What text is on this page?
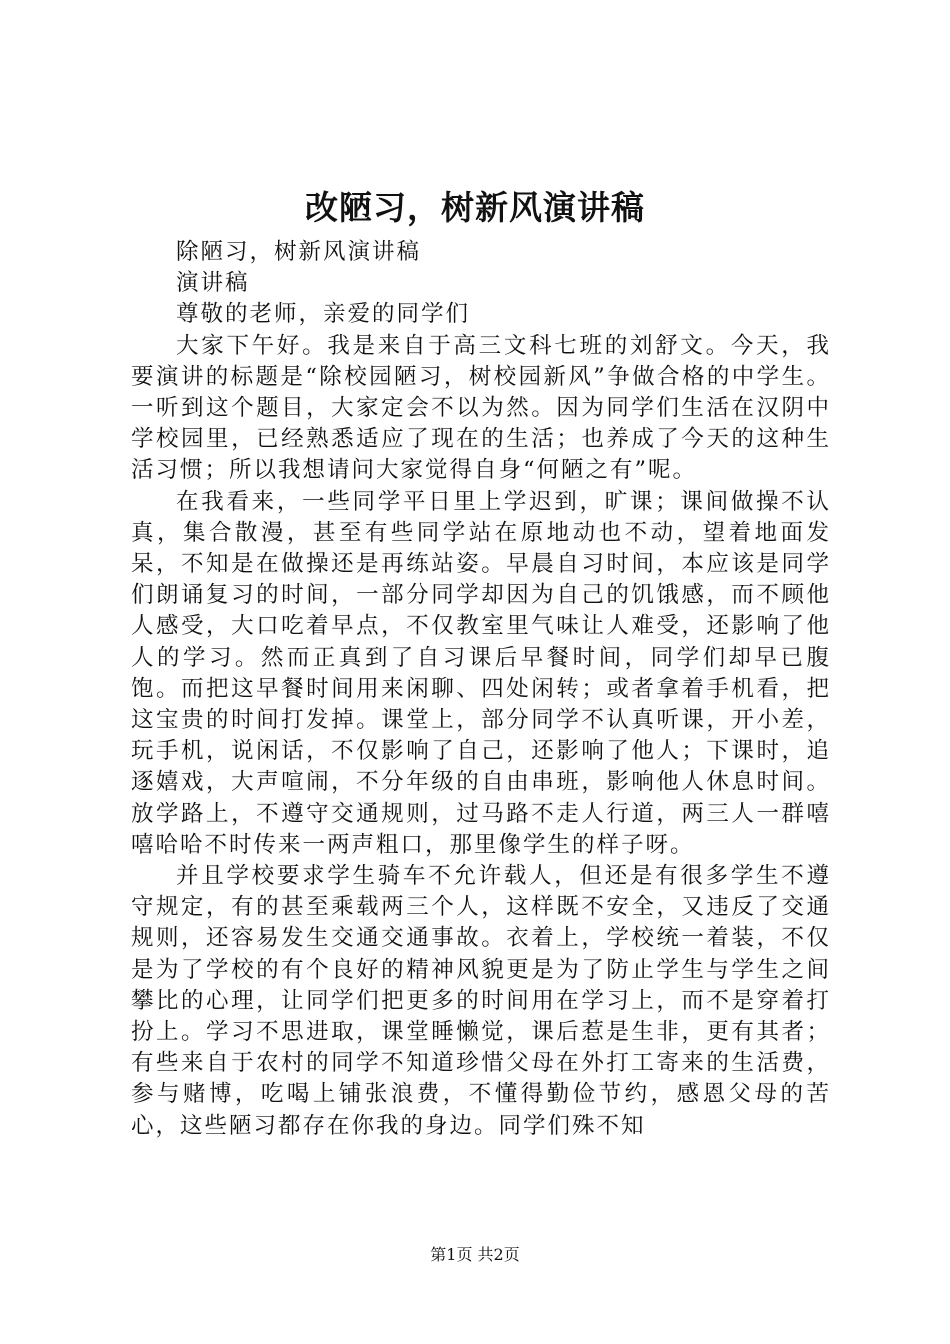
改陋习，树新风演讲稿

除陋习，树新风演讲稿

演讲稿

尊敬的老师，亲爱的同学们

大家下午好。我是来自于高三文科七班的刘舒文。今天，我要演讲的标题是“除校园陋习，树校园新风”争做合格的中学生。一听到这个题目，大家定会不以为然。因为同学们生活在汉阴中学校园里，已经熟悉适应了现在的生活；也养成了今天的这种生活习惯；所以我想请问大家觉得自身“何陋之有”呢。

在我看来，一些同学平日里上学迟到，旷课；课间做操不认真，集合散漫，甚至有些同学站在原地动也不动，望着地面发呆，不知是在做操还是再练站姿。早晨自习时间，本应该是同学们朗诵复习的时间，一部分同学却因为自己的饥饿感，而不顾他人感受，大口吃着早点，不仅教室里气味让人难受，还影响了他人的学习。然而正真到了自习课后早餐时间，同学们却早已腹饱。而把这早餐时间用来闲聊、四处闲转；或者拿着手机看，把这宝贵的时间打发掉。课堂上，部分同学不认真听课，开小差，玩手机，说闲话，不仅影响了自己，还影响了他人；下课时，追逐嬉戏，大声喧闹，不分年级的自由串班，影响他人休息时间。放学路上，不遵守交通规则，过马路不走人行道，两三人一群嘻嘻哈哈不时传来一两声粗口，那里像学生的样子呀。

并且学校要求学生骑车不允许载人，但还是有很多学生不遵守规定，有的甚至乘载两三个人，这样既不安全，又违反了交通规则，还容易发生交通交通事故。衣着上，学校统一着装，不仅是为了学校的有个良好的精神风貌更是为了防止学生与学生之间攀比的心理，让同学们把更多的时间用在学习上，而不是穿着打扮上。学习不思进取，课堂睡懒觉，课后惹是生非，更有其者；有些来自于农村的同学不知道珍惜父母在外打工寄来的生活费，参与赌博，吃喝上铺张浪费，不懂得勤俭节约，感恩父母的苦心，这些陋习都存在你我的身边。同学们殊不知

第1页 共2页
